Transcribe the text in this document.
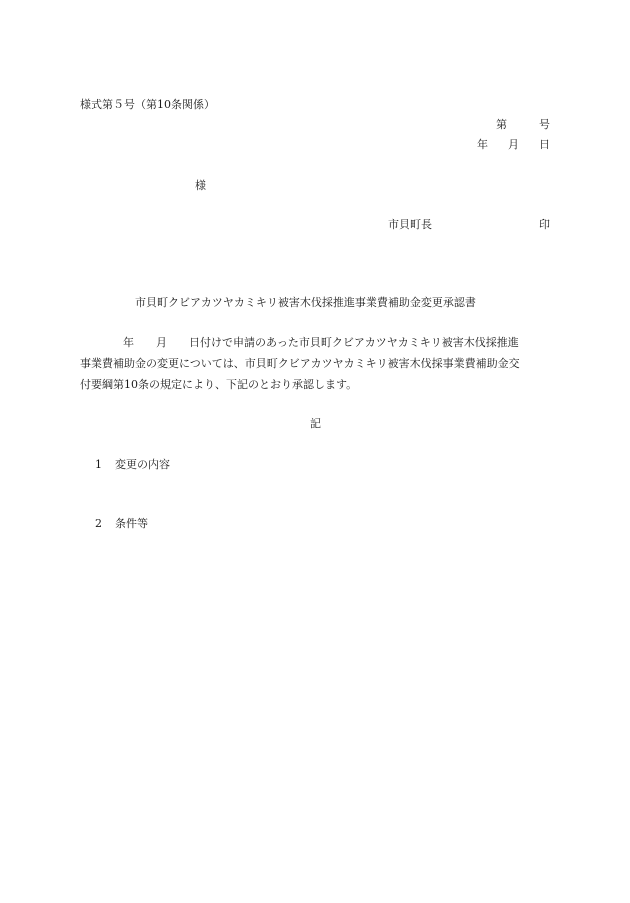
様式第５号（第10条関係）
第	号
年 月 日
様
市貝町長	印
市貝町クビアカツヤカミキリ被害木伐採推進事業費補助金変更承認書
年 月 日付けで申請のあった市貝町クビアカツヤカミキリ被害木伐採推進
事業費補助金の変更については、市貝町クビアカツヤカミキリ被害木伐採事業費補助金交
付要綱第10条の規定により、下記のとおり承認します。
記
1 変更の内容
2 条件等
